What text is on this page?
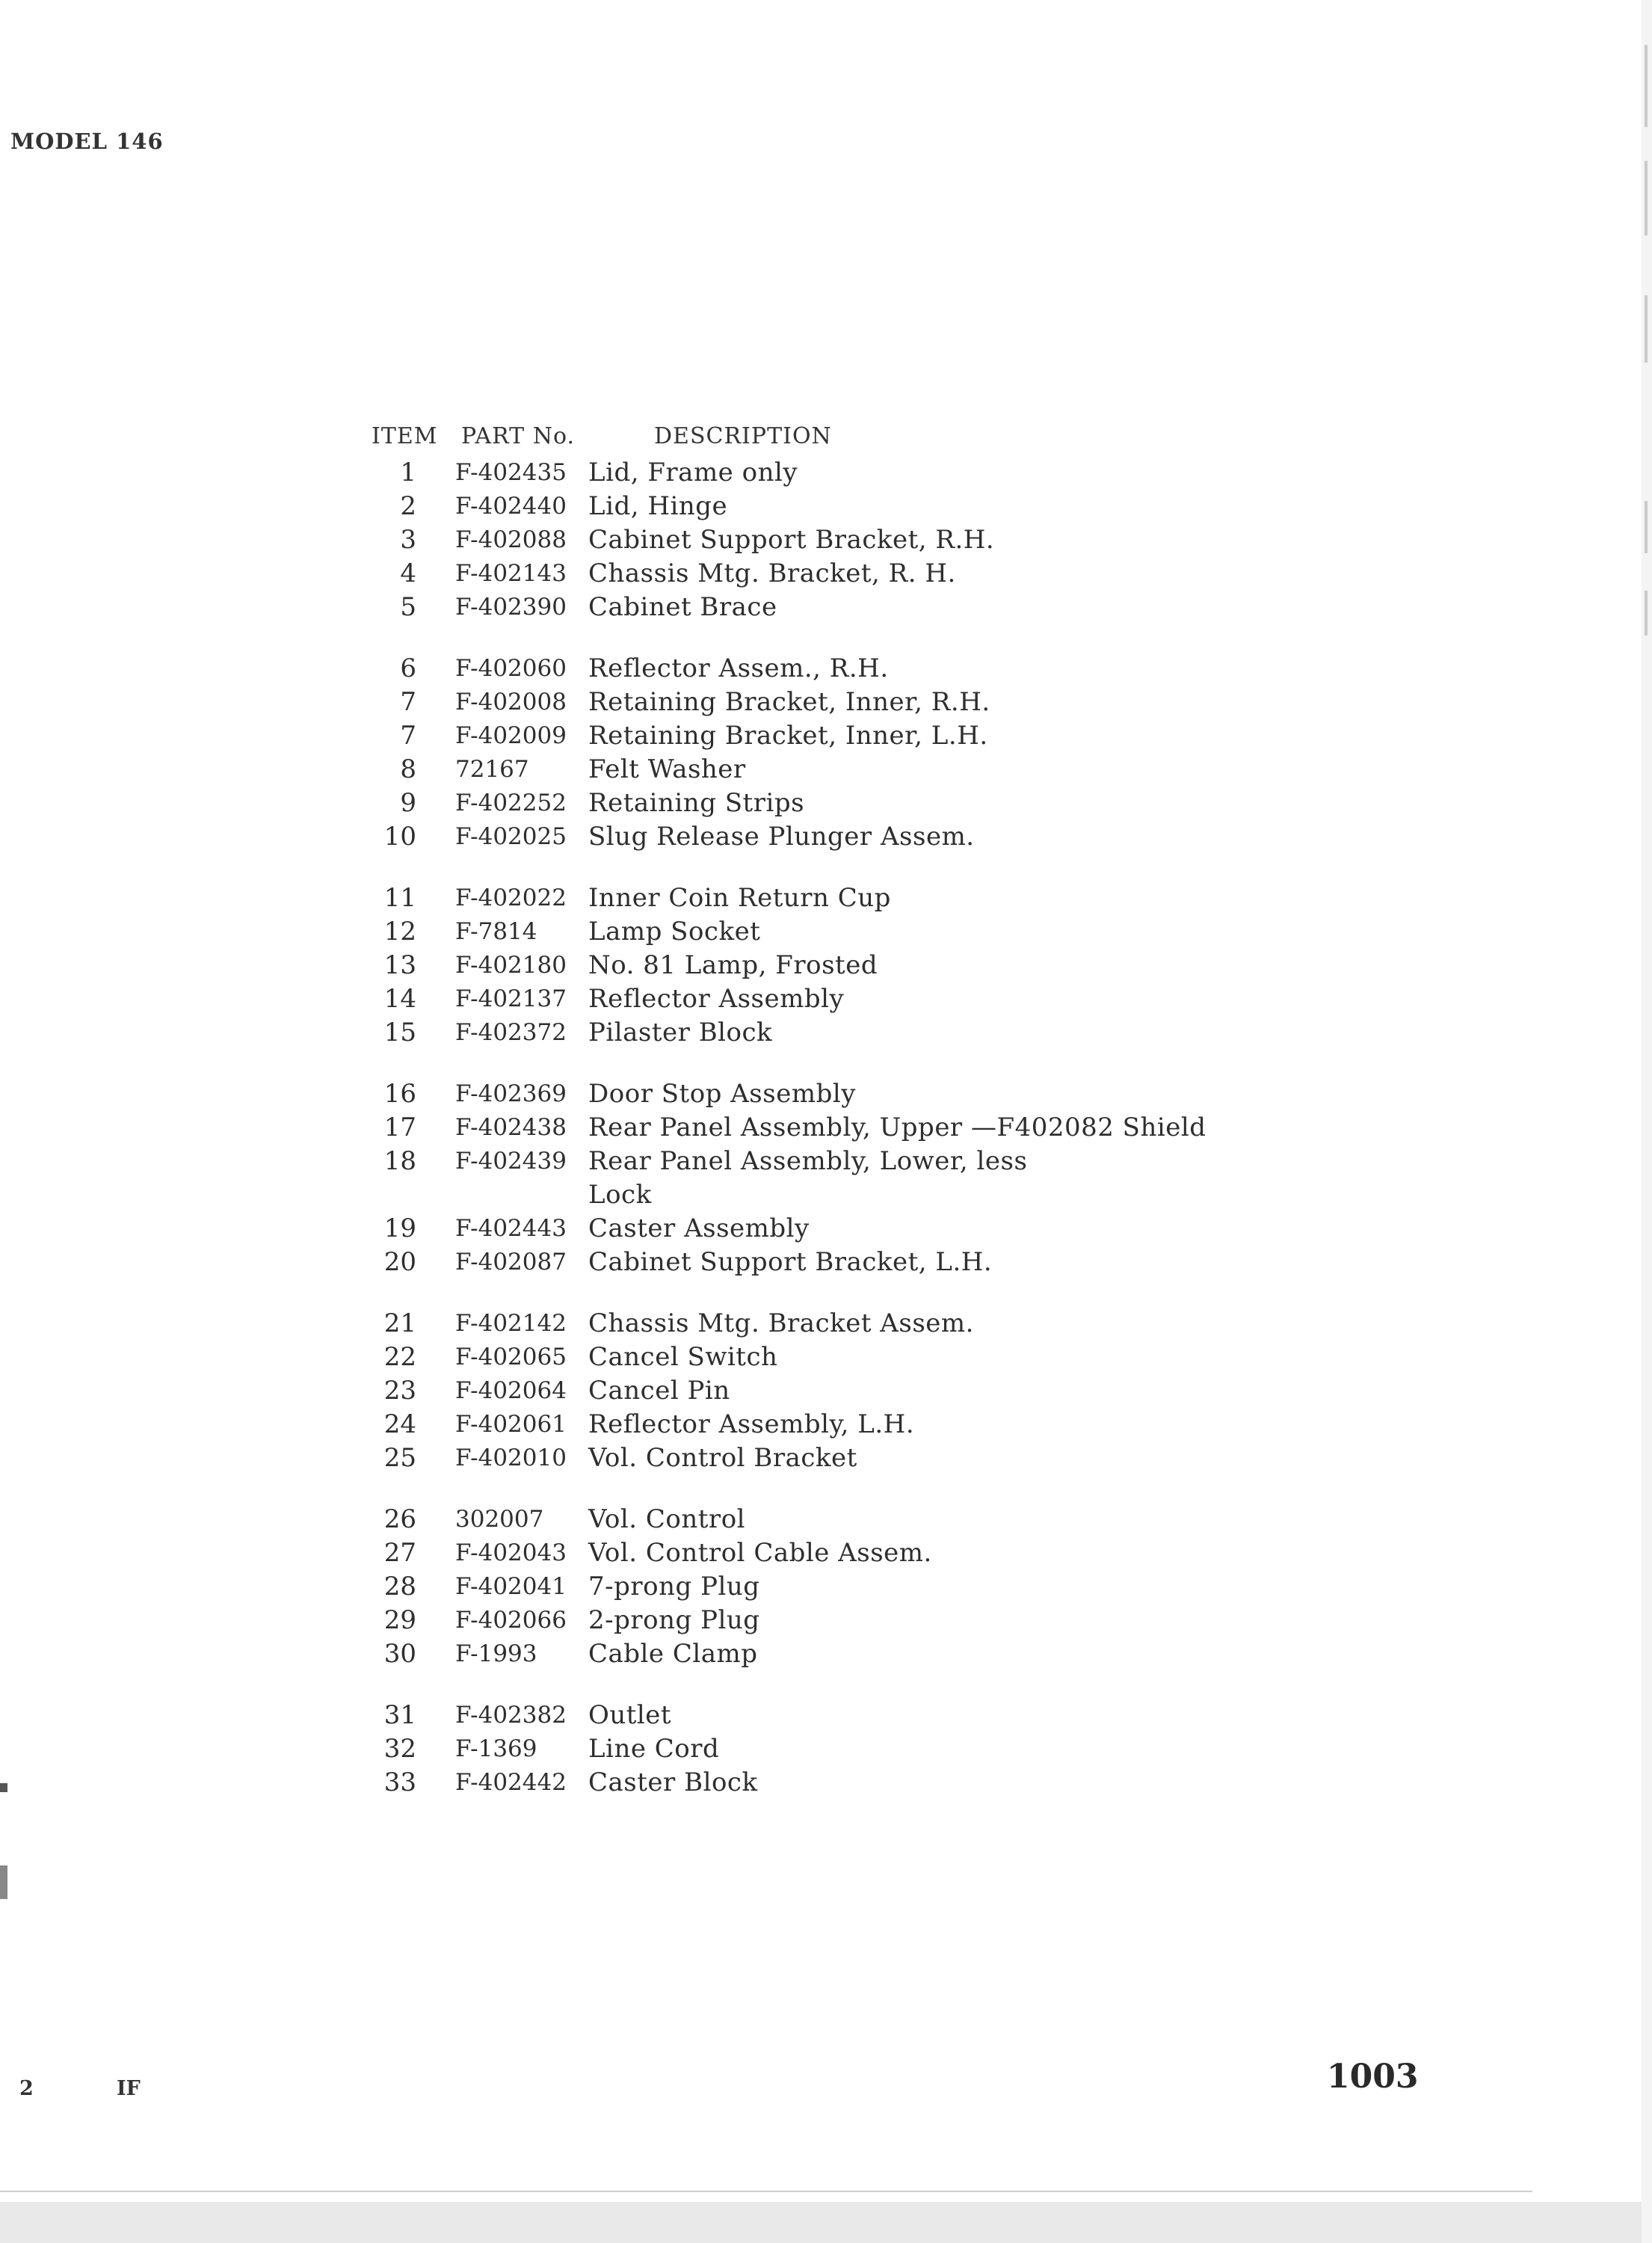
MODEL 146
ITEM PART No.	DESCRIPTION
1 F-402435 Lid, Frame only
2 F-402440 Lid, Hinge
3 F-402088 Cabinet Support Bracket, R.H.
4 F-402143 Chassis Mtg. Bracket, R. H.
5 F-402390 Cabinet Brace
6 F-402060 Reflector Assem., R.H.
7 F-402008 Retaining Bracket, Inner, R.H.
7 F-402009 Retaining Bracket, Inner, L.H.
8 72167	Felt Washer
9 F-402252 Retaining Strips
10 F-402025 Slug Release Plunger Assem.
11 F-402022 Inner Coin Return Cup
12 F-7814	Lamp Socket
13 F-402180 No. 81 Lamp, Frosted
14 F-402137 Reflector Assembly
15 F-402372 Pilaster Block
16 F-402369 Door Stop Assembly
17 F-402438 Rear Panel Assembly, Upper —F402082 Shield
18 F-402439 Rear Panel Assembly, Lower, less Lock
19 F-402443 Caster Assembly
20 F-402087 Cabinet Support Bracket, L.H.
21 F-402142 Chassis Mtg. Bracket Assem.
22 F-402065 Cancel Switch
23 F-402064 Cancel Pin
24 F-402061 Reflector Assembly, L.H.
25 F-402010 Vol. Control Bracket
26 302007	Vol. Control
27 F-402043 Vol. Control Cable Assem.
28 F-402041 7-prong Plug
29 F-402066 2-prong Plug
30 F-1993	Cable Clamp
31 F-402382 Outlet
32 F-1369	Line Cord
33 F-402442 Caster Block
2	IF	1003
